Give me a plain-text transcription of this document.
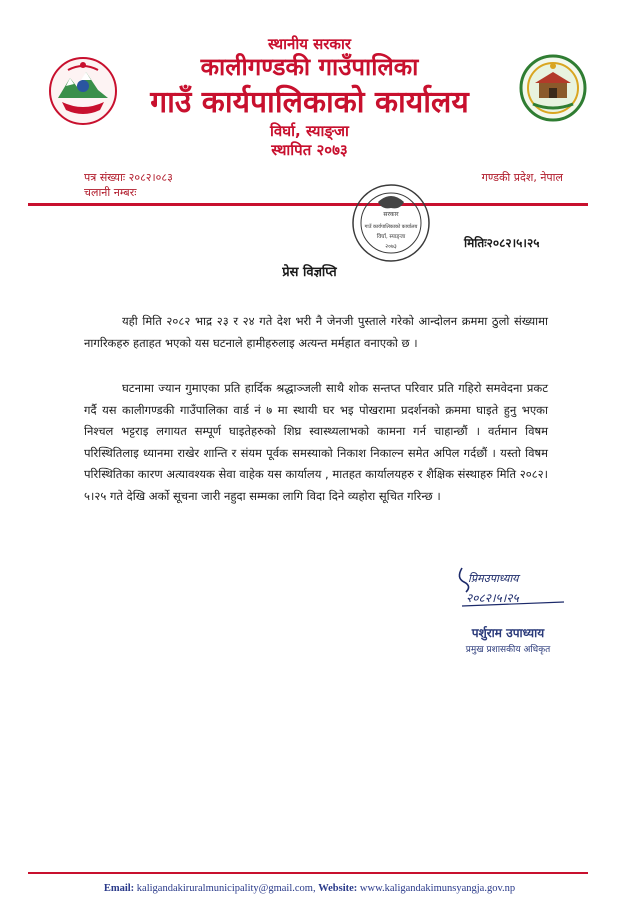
स्थानीय सरकार
कालीगण्डकी गाउँपालिका
गाउँ कार्यपालिकाको कार्यालय
विर्घा, स्याङ्जा
स्थापित २०७३
पत्र संख्याः २०८२।०८३
चलानी नम्बरः
गण्डकी प्रदेश, नेपाल
सरकार
गाउँ कार्यपालिकाको कार्यालय
विर्घा, स्याङ्जा
२०७३	मितिः२०८२।५।२५
प्रेस विज्ञप्ति
यही मिति २०८२ भाद्र २३ र २४ गते देश भरी नै जेनजी पुस्ताले गरेको आन्दोलन क्रममा ठुलो संख्यामा नागरिकहरु हताहत भएको यस घटनाले हामीहरुलाइ अत्यन्त मर्महात वनाएको छ ।
घटनामा ज्यान गुमाएका प्रति हार्दिक श्रद्धाञ्जली साथै शोक सन्तप्त परिवार प्रति गहिरो समवेदना प्रकट गर्दै यस कालीगण्डकी गाउँपालिका वार्ड नं ७ मा स्थायी घर भइ पोखरामा प्रदर्शनको क्रममा घाइते हुनु भएका निश्चल भट्टराइ लगायत सम्पूर्ण घाइतेहरुको शिघ्र स्वास्थ्यलाभको कामना गर्न चाहान्छौं । वर्तमान विषम परिस्थितिलाइ ध्यानमा राखेर शान्ति र संयम पूर्वक समस्याको निकाश निकाल्न समेत अपिल गर्दछौं । यस्तो विषम परिस्थितिका कारण अत्यावश्यक सेवा वाहेक यस कार्यालय , मातहत कार्यालयहरु र शैक्षिक संस्थाहरु मिति २०८२।५।२५ गते देखि अर्को सूचना जारी नहुदा सम्मका लागि विदा दिने व्यहोरा सूचित गरिन्छ ।
प्रिमउपाध्याय
२०८२।५।२५
पर्शुराम उपाध्याय
प्रमुख प्रशासकीय अधिकृत
Email: kaligandakiruralmunicipality@gmail.com, Website: www.kaligandakimunsyangja.gov.np
